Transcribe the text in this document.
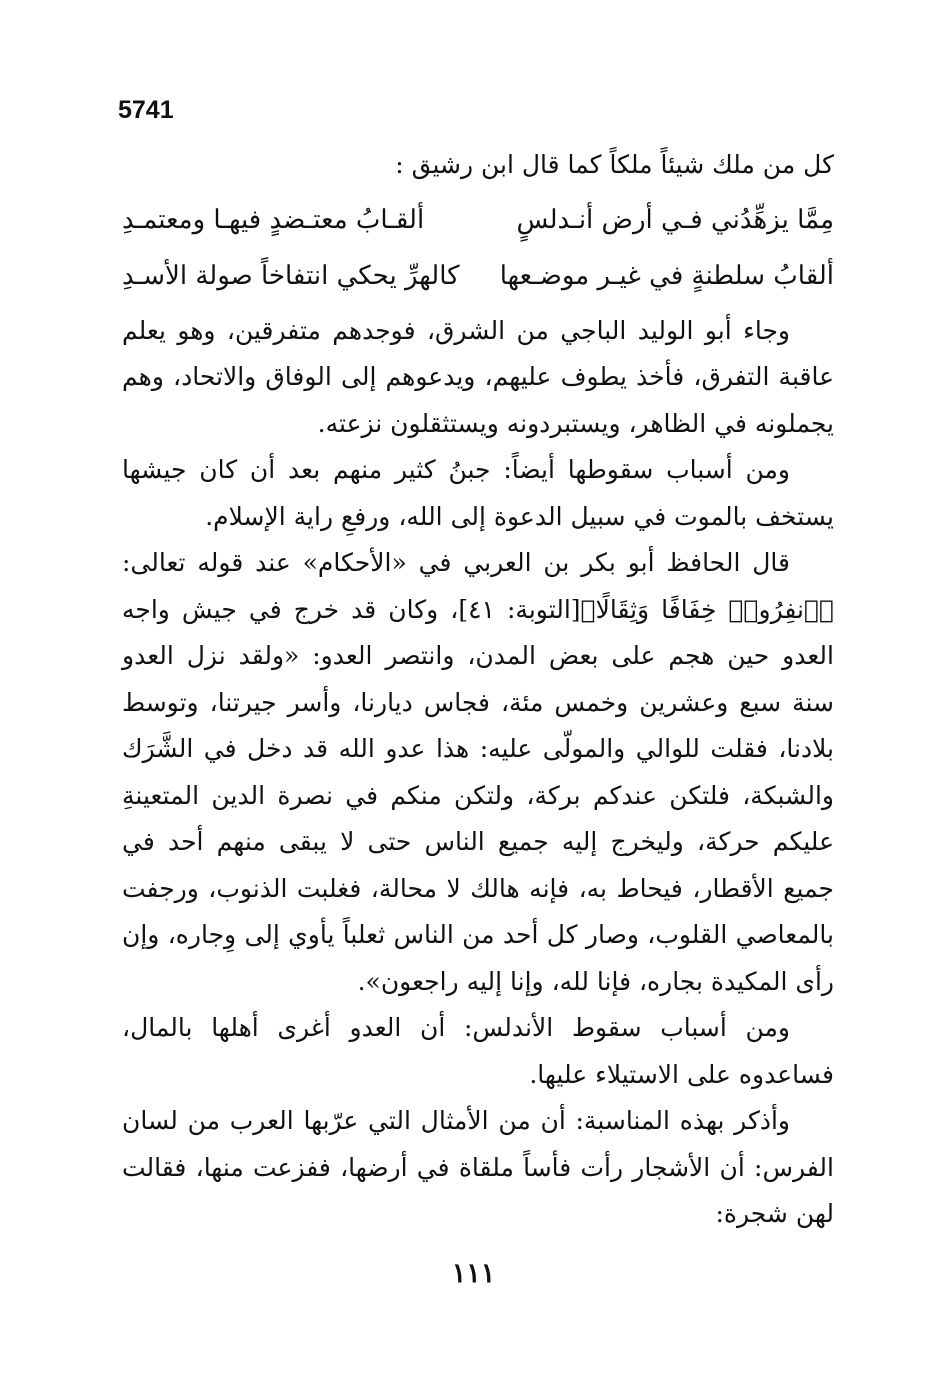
5741

كل من ملك شيئاً ملكاً كما قال ابن رشيق :

مِمَّا يزهِّدُني فـي أرض أنـدلسٍ
ألقـابُ معتـضدٍ فيهـا ومعتمـدِ
ألقابُ سلطنةٍ في غيـر موضـعها
كالهرِّ يحكي انتفاخاً صولة الأسـدِ

وجاء أبو الوليد الباجي من الشرق، فوجدهم متفرقين، وهو يعلم عاقبة التفرق، فأخذ يطوف عليهم، ويدعوهم إلى الوفاق والاتحاد، وهم يجملونه في الظاهر، ويستبردونه ويستثقلون نزعته.

ومن أسباب سقوطها أيضاً: جبنُ كثير منهم بعد أن كان جيشها يستخف بالموت في سبيل الدعوة إلى الله، ورفعِ راية الإسلام.

قال الحافظ أبو بكر بن العربي في «الأحكام» عند قوله تعالى: ﴿ٱنفِرُوا۟ خِفَافًا وَثِقَالًا﴾[التوبة: ٤١]، وكان قد خرج في جيش واجه العدو حين هجم على بعض المدن، وانتصر العدو: «ولقد نزل العدو سنة سبع وعشرين وخمس مئة، فجاس ديارنا، وأسر جيرتنا، وتوسط بلادنا، فقلت للوالي والمولّى عليه: هذا عدو الله قد دخل في الشَّرَك والشبكة، فلتكن عندكم بركة، ولتكن منكم في نصرة الدين المتعينةِ عليكم حركة، وليخرج إليه جميع الناس حتى لا يبقى منهم أحد في جميع الأقطار، فيحاط به، فإنه هالك لا محالة، فغلبت الذنوب، ورجفت بالمعاصي القلوب، وصار كل أحد من الناس ثعلباً يأوي إلى وِجاره، وإن رأى المكيدة بجاره، فإنا لله، وإنا إليه راجعون».

ومن أسباب سقوط الأندلس: أن العدو أغرى أهلها بالمال، فساعدوه على الاستيلاء عليها.

وأذكر بهذه المناسبة: أن من الأمثال التي عرّبها العرب من لسان الفرس: أن الأشجار رأت فأساً ملقاة في أرضها، ففزعت منها، فقالت لهن شجرة:

١١١
